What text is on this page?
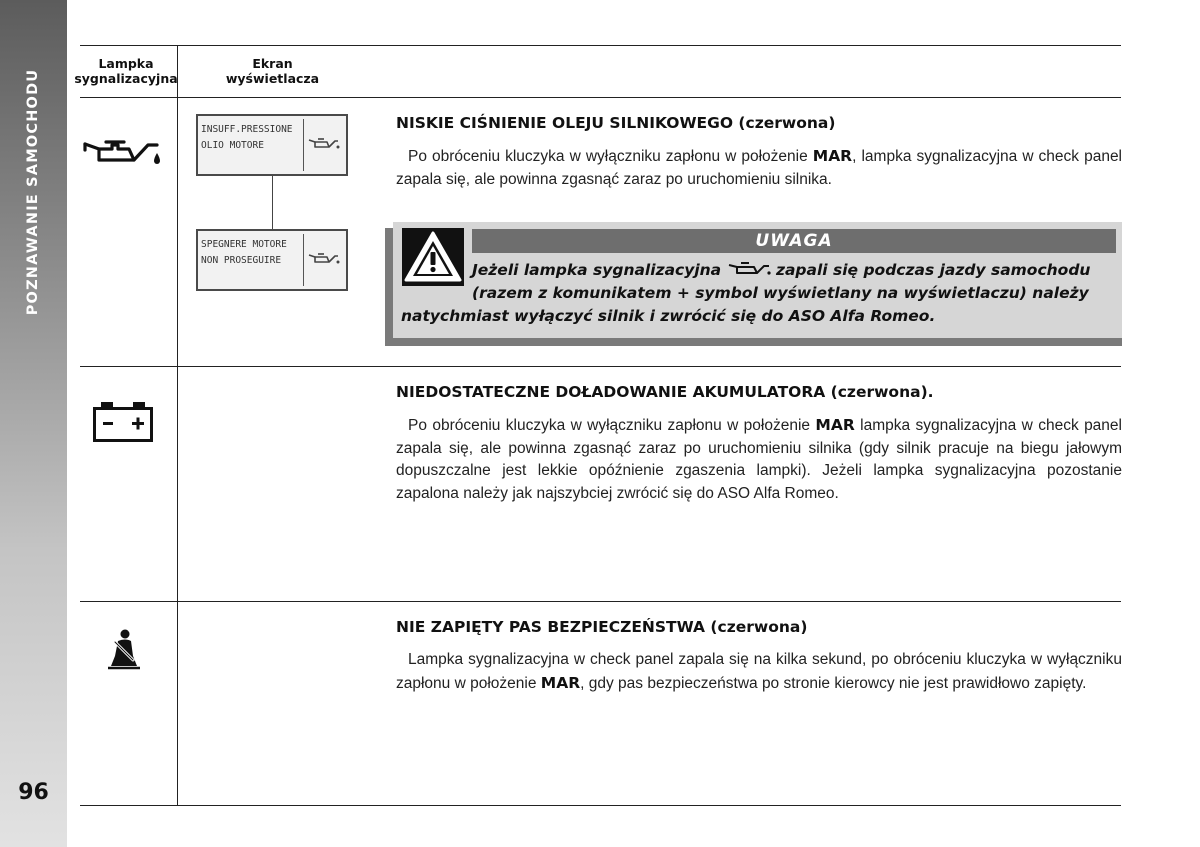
POZNAWANIE SAMOCHODU
96
Lampka
sygnalizacyjna
Ekran
wyświetlacza
INSUFF.PRESSIONE
OLIO MOTORE
SPEGNERE MOTORE
NON PROSEGUIRE
NISKIE CIŚNIENIE OLEJU SILNIKOWEGO (czerwona)
Po obróceniu kluczyka w wyłączniku zapłonu w położenie MAR, lampka sygnalizacyjna w check panel zapala się, ale powinna zgasnąć zaraz po uruchomieniu silnika.
UWAGA
Jeżeli lampka sygnalizacyjna	zapali się podczas jazdy samochodu
(razem z komunikatem + symbol wyświetlany na wyświetlaczu) należy
natychmiast wyłączyć silnik i zwrócić się do ASO Alfa Romeo.
NIEDOSTATECZNE DOŁADOWANIE AKUMULATORA (czerwona).
Po obróceniu kluczyka w wyłączniku zapłonu w położenie MAR lampka sygnalizacyjna w check panel zapala się, ale powinna zgasnąć zaraz po uruchomieniu silnika (gdy silnik pracuje na biegu jałowym dopuszczalne jest lekkie opóźnienie zgaszenia lampki). Jeżeli lampka sygnalizacyjna pozostanie zapalona należy jak najszybciej zwrócić się do ASO Alfa Romeo.
NIE ZAPIĘTY PAS BEZPIECZEŃSTWA (czerwona)
Lampka sygnalizacyjna w check panel zapala się na kilka sekund, po obróceniu kluczyka w wyłączniku zapłonu w położenie MAR, gdy pas bezpieczeństwa po stronie kierowcy nie jest prawidłowo zapięty.
